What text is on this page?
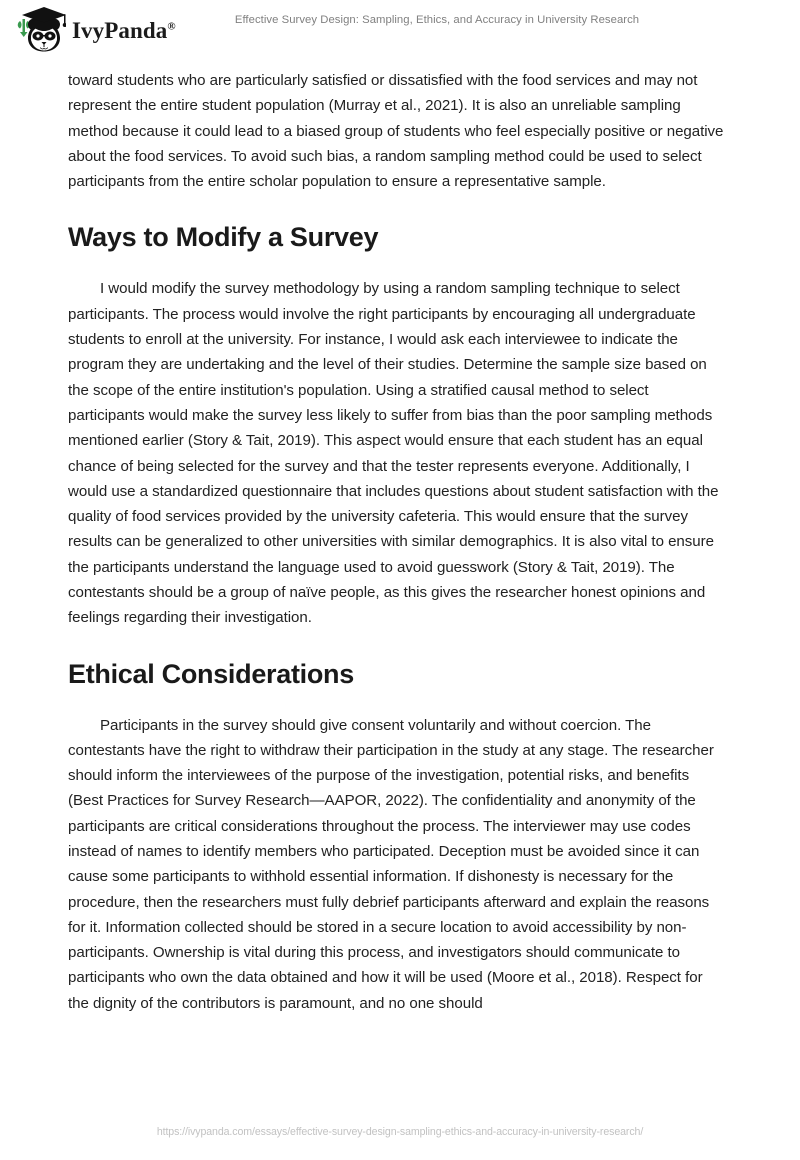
IvyPanda®	Effective Survey Design: Sampling, Ethics, and Accuracy in University Research

toward students who are particularly satisfied or dissatisfied with the food services and may not represent the entire student population (Murray et al., 2021). It is also an unreliable sampling method because it could lead to a biased group of students who feel especially positive or negative about the food services. To avoid such bias, a random sampling method could be used to select participants from the entire scholar population to ensure a representative sample.

Ways to Modify a Survey

I would modify the survey methodology by using a random sampling technique to select participants. The process would involve the right participants by encouraging all undergraduate students to enroll at the university. For instance, I would ask each interviewee to indicate the program they are undertaking and the level of their studies. Determine the sample size based on the scope of the entire institution's population. Using a stratified causal method to select participants would make the survey less likely to suffer from bias than the poor sampling methods mentioned earlier (Story & Tait, 2019). This aspect would ensure that each student has an equal chance of being selected for the survey and that the tester represents everyone. Additionally, I would use a standardized questionnaire that includes questions about student satisfaction with the quality of food services provided by the university cafeteria. This would ensure that the survey results can be generalized to other universities with similar demographics. It is also vital to ensure the participants understand the language used to avoid guesswork (Story & Tait, 2019). The contestants should be a group of naïve people, as this gives the researcher honest opinions and feelings regarding their investigation.

Ethical Considerations

Participants in the survey should give consent voluntarily and without coercion. The contestants have the right to withdraw their participation in the study at any stage. The researcher should inform the interviewees of the purpose of the investigation, potential risks, and benefits (Best Practices for Survey Research—AAPOR, 2022). The confidentiality and anonymity of the participants are critical considerations throughout the process. The interviewer may use codes instead of names to identify members who participated. Deception must be avoided since it can cause some participants to withhold essential information. If dishonesty is necessary for the procedure, then the researchers must fully debrief participants afterward and explain the reasons for it. Information collected should be stored in a secure location to avoid accessibility by non-participants. Ownership is vital during this process, and investigators should communicate to participants who own the data obtained and how it will be used (Moore et al., 2018). Respect for the dignity of the contributors is paramount, and no one should

https://ivypanda.com/essays/effective-survey-design-sampling-ethics-and-accuracy-in-university-research/
